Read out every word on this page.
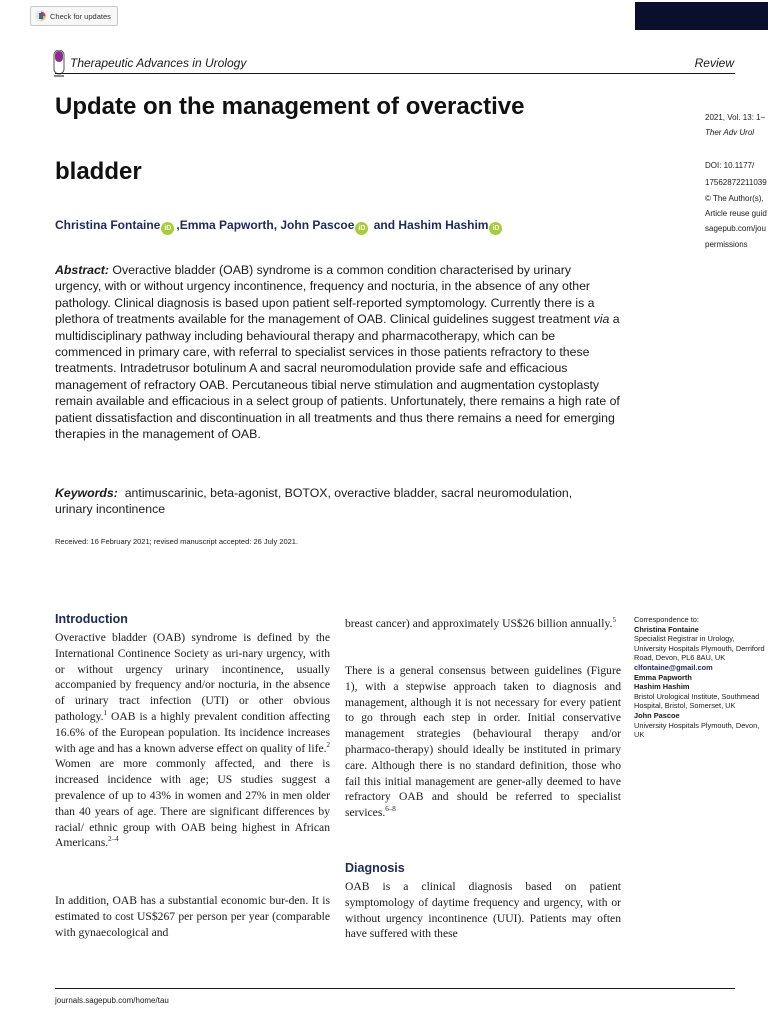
Check for updates
Therapeutic Advances in Urology	Review
Update on the management of overactive
bladder
2021, Vol. 13: 1–
Ther Adv Urol
DOI: 10.1177/
17562872211039
© The Author(s),
Article reuse guid
sagepub.com/jou
permissions
Christina Fontaine iD , Emma Papworth, John Pascoe iD and Hashim Hashim iD
Abstract: Overactive bladder (OAB) syndrome is a common condition characterised by urinary urgency, with or without urgency incontinence, frequency and nocturia, in the absence of any other pathology. Clinical diagnosis is based upon patient self-reported symptomology. Currently there is a plethora of treatments available for the management of OAB. Clinical guidelines suggest treatment via a multidisciplinary pathway including behavioural therapy and pharmacotherapy, which can be commenced in primary care, with referral to specialist services in those patients refractory to these treatments. Intradetrusor botulinum A and sacral neuromodulation provide safe and efficacious management of refractory OAB. Percutaneous tibial nerve stimulation and augmentation cystoplasty remain available and efficacious in a select group of patients. Unfortunately, there remains a high rate of patient dissatisfaction and discontinuation in all treatments and thus there remains a need for emerging therapies in the management of OAB.
Keywords: antimuscarinic, beta-agonist, BOTOX, overactive bladder, sacral neuromodulation, urinary incontinence
Received: 16 February 2021; revised manuscript accepted: 26 July 2021.
Introduction

Overactive bladder (OAB) syndrome is defined by the International Continence Society as uri-nary urgency, with or without urgency urinary incontinence, usually accompanied by frequency and/or nocturia, in the absence of urinary tract infection (UTI) or other obvious pathology.$^1$ OAB is a highly prevalent condition affecting 16.6% of the European population. Its incidence increases with age and has a known adverse effect on quality of life.$^2$ Women are more commonly affected, and there is increased incidence with age; US studies suggest a prevalence of up to 43% in women and 27% in men older than 40 years of age. There are significant differences by racial/ ethnic group with OAB being highest in African Americans.$^{2-4}$

In addition, OAB has a substantial economic bur-den. It is estimated to cost US$267 per person per year (comparable with gynaecological and

breast cancer) and approximately US$26 billion annually.$^5$

There is a general consensus between guidelines (Figure 1), with a stepwise approach taken to diagnosis and management, although it is not necessary for every patient to go through each step in order. Initial conservative management strategies (behavioural therapy and/or pharmaco-therapy) should ideally be instituted in primary care. Although there is no standard definition, those who fail this initial management are gener-ally deemed to have refractory OAB and should be referred to specialist services.$^{6-8}$

Diagnosis

OAB is a clinical diagnosis based on patient symptomology of daytime frequency and urgency, with or without urgency incontinence (UUI). Patients may often have suffered with these

Correspondence to:
Christina Fontaine
Specialist Registrar in Urology, University Hospitals Plymouth, Derriford Road, Devon, PL6 8AU, UK
clfontaine@gmail.com
Emma Papworth
Hashim Hashim
Bristol Urological Institute, Southmead Hospital, Bristol, Somerset, UK
John Pascoe
University Hospitals Plymouth, Devon, UK
journals.sagepub.com/home/tau
